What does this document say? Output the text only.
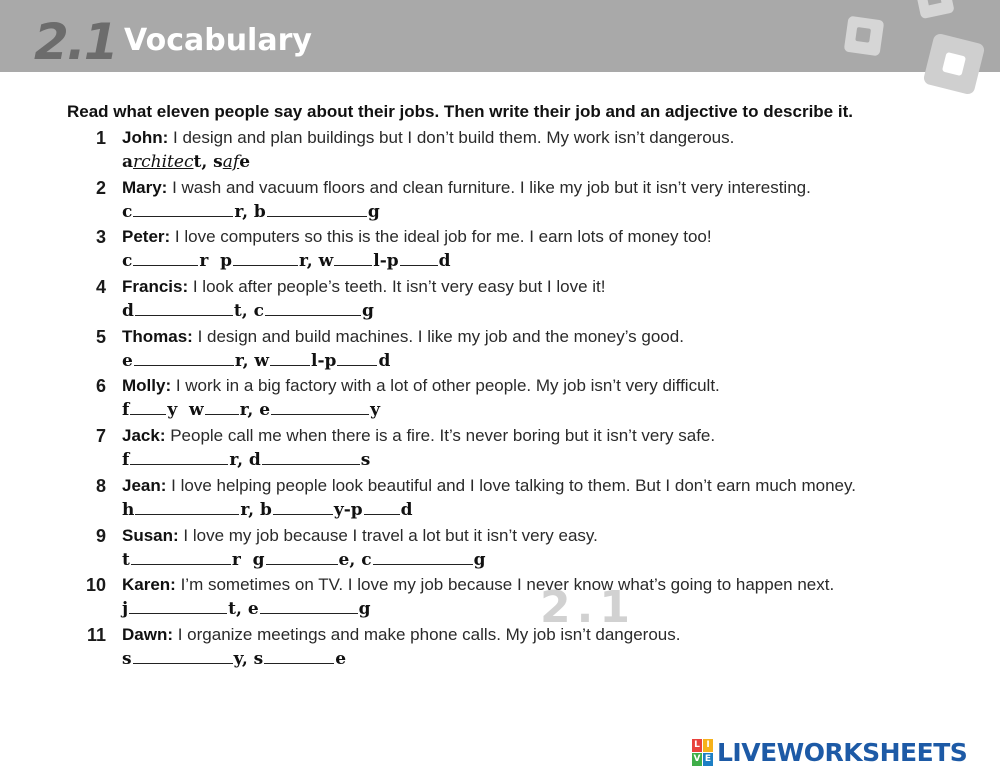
2.1 Vocabulary
Read what eleven people say about their jobs. Then write their job and an adjective to describe it.
1 John: I design and plan buildings but I don’t build them. My work isn’t dangerous.
architect, safe
2 Mary: I wash and vacuum floors and clean furniture. I like my job but it isn’t very interesting.
c	r, b	g
3 Peter: I love computers so this is the ideal job for me. I earn lots of money too!
c	r  p	r, w l-p d
4 Francis: I look after people’s teeth. It isn’t very easy but I love it!
d	t, c	g
5 Thomas: I design and build machines. I like my job and the money’s good.
e	r, w l-p d
6 Molly: I work in a big factory with a lot of other people. My job isn’t very difficult.
f y  w r, e	y
7 Jack: People call me when there is a fire. It’s never boring but it isn’t very safe.
f	r, d	s
8 Jean: I love helping people look beautiful and I love talking to them. But I don’t earn much money.
h	r, b	y-p d
9 Susan: I love my job because I travel a lot but it isn’t very easy.
t	r  g	e, c	g
10 Karen: I’m sometimes on TV. I love my job because I never know what’s going to happen next.
j	t, e	g
11 Dawn: I organize meetings and make phone calls. My job isn’t dangerous.
s	y, s	e
2.1
L I
V E LIVEWORKSHEETS
